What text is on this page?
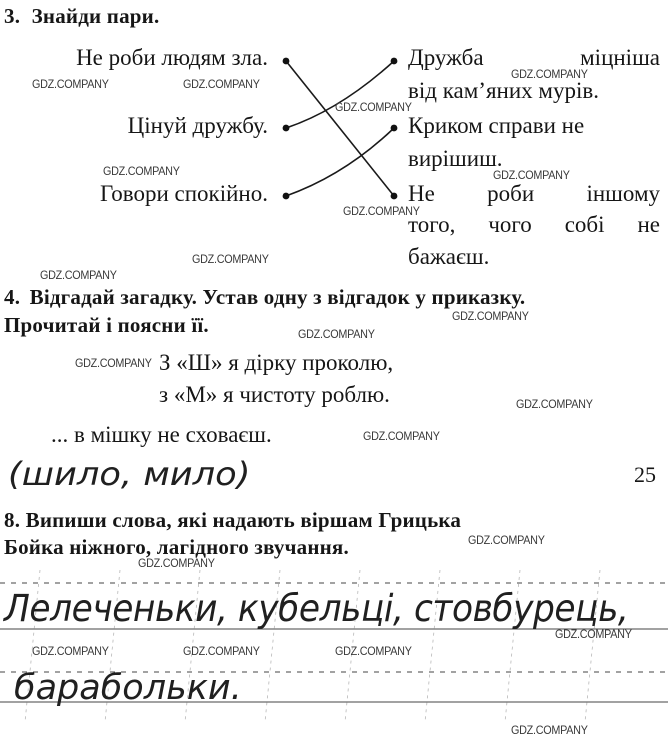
3. Знайди пари.
Не роби людям зла.
Цінуй дружбу.
Говори спокійно.
Дружба	міцніша
від кам’яних мурів.
Криком справи не
вирішиш.
Не роби іншому
того, чого собі не
бажаєш.
4. Відгадай загадку. Устав одну з відгадок у приказку.
Прочитай і поясни її.
З «Ш» я дірку проколю,
з «М» я чистоту роблю.
... в мішку не сховаєш.
(шило, мило)	25
8. Випиши слова, які надають віршам Грицька
Бойка ніжного, лагідного звучання.
Лелеченьки, кубельці, стовбурець,
барабольки.
GDZ.COMPANY	GDZ.COMPANY
GDZ.COMPANY
GDZ.COMPANY
GDZ.COMPANY	GDZ.COMPANY
GDZ.COMPANY
GDZ.COMPANY
GDZ.COMPANY
GDZ.COMPANY
GDZ.COMPANY
GDZ.COMPANY
GDZ.COMPANY
GDZ.COMPANY
GDZ.COMPANY
GDZ.COMPANY
GDZ.COMPANY
GDZ.COMPANY	GDZ.COMPANY	GDZ.COMPANY
GDZ.COMPANY
